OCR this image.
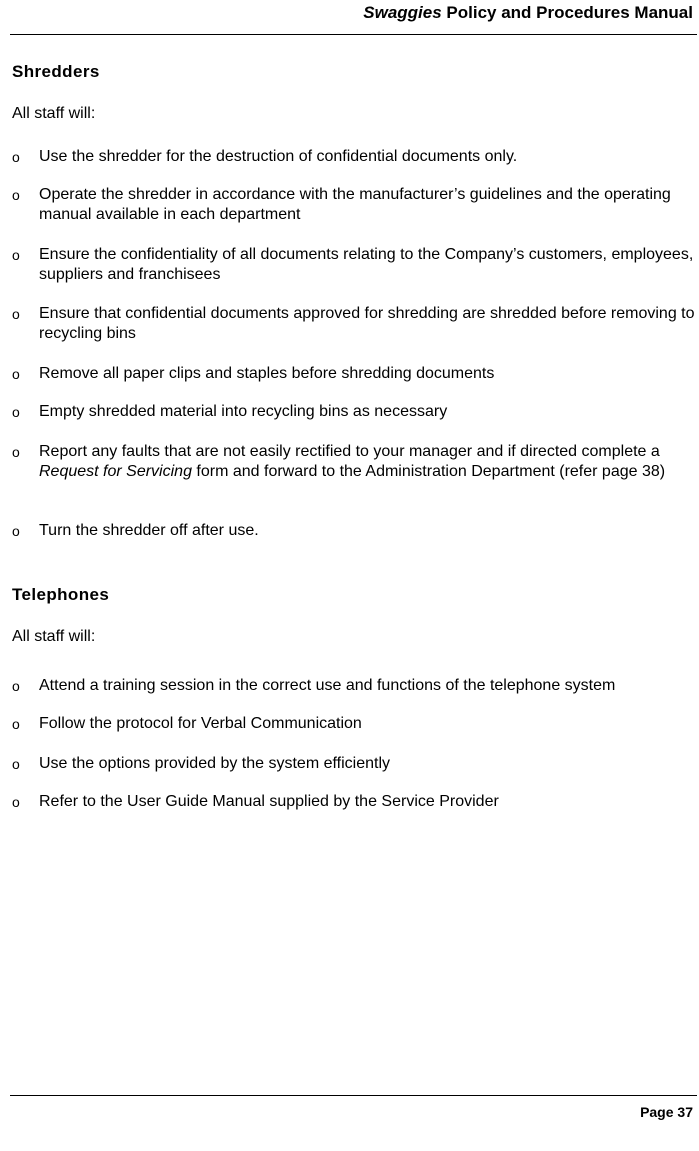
Swaggies Policy and Procedures Manual
Shredders
All staff will:
o Use the shredder for the destruction of confidential documents only.
o Operate the shredder in accordance with the manufacturer’s guidelines and the operating manual available in each department
o Ensure the confidentiality of all documents relating to the Company’s customers, employees, suppliers and franchisees
o Ensure that confidential documents approved for shredding are shredded before removing to recycling bins
o Remove all paper clips and staples before shredding documents
o Empty shredded material into recycling bins as necessary
o Report any faults that are not easily rectified to your manager and if directed complete a Request for Servicing form and forward to the Administration Department (refer page 38)
o Turn the shredder off after use.
Telephones
All staff will:
o Attend a training session in the correct use and functions of the telephone system
o Follow the protocol for Verbal Communication
o Use the options provided by the system efficiently
o Refer to the User Guide Manual supplied by the Service Provider
Page 37
